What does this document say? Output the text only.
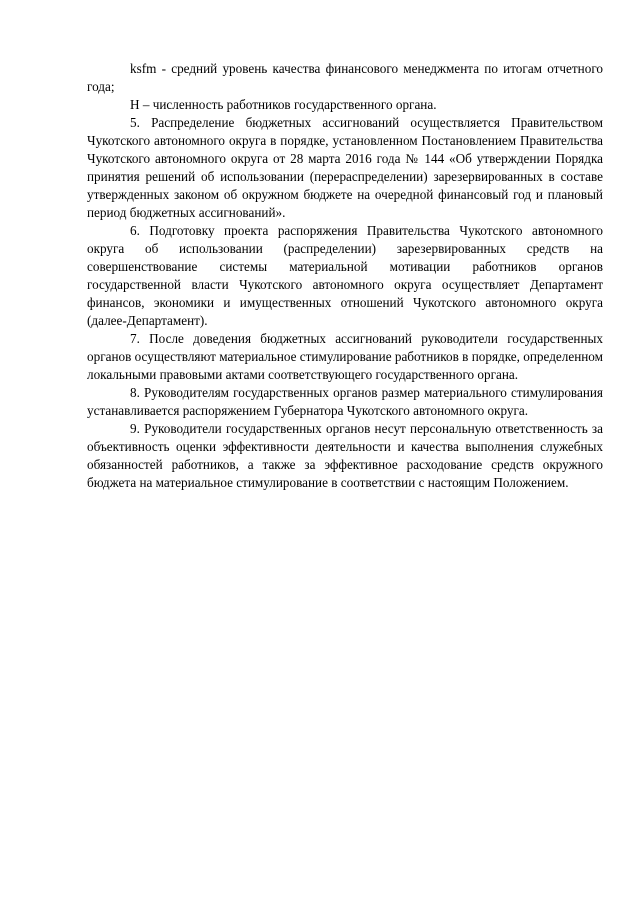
ksfm - средний уровень качества финансового менеджмента по итогам отчетного года;

Н – численность работников государственного органа.

5. Распределение бюджетных ассигнований осуществляется Правительством Чукотского автономного округа в порядке, установленном Постановлением Правительства Чукотского автономного округа от 28 марта 2016 года № 144 «Об утверждении Порядка принятия решений об использовании (перераспределении) зарезервированных в составе утвержденных законом об окружном бюджете на очередной финансовый год и плановый период бюджетных ассигнований».

6. Подготовку проекта распоряжения Правительства Чукотского автономного округа об использовании (распределении) зарезервированных средств на совершенствование системы материальной мотивации работников органов государственной власти Чукотского автономного округа осуществляет Департамент финансов, экономики и имущественных отношений Чукотского автономного округа (далее-Департамент).

7. После доведения бюджетных ассигнований руководители государственных органов осуществляют материальное стимулирование работников в порядке, определенном локальными правовыми актами соответствующего государственного органа.

8. Руководителям государственных органов размер материального стимулирования устанавливается распоряжением Губернатора Чукотского автономного округа.

9. Руководители государственных органов несут персональную ответственность за объективность оценки эффективности деятельности и качества выполнения служебных обязанностей работников, а также за эффективное расходование средств окружного бюджета на материальное стимулирование в соответствии с настоящим Положением.
